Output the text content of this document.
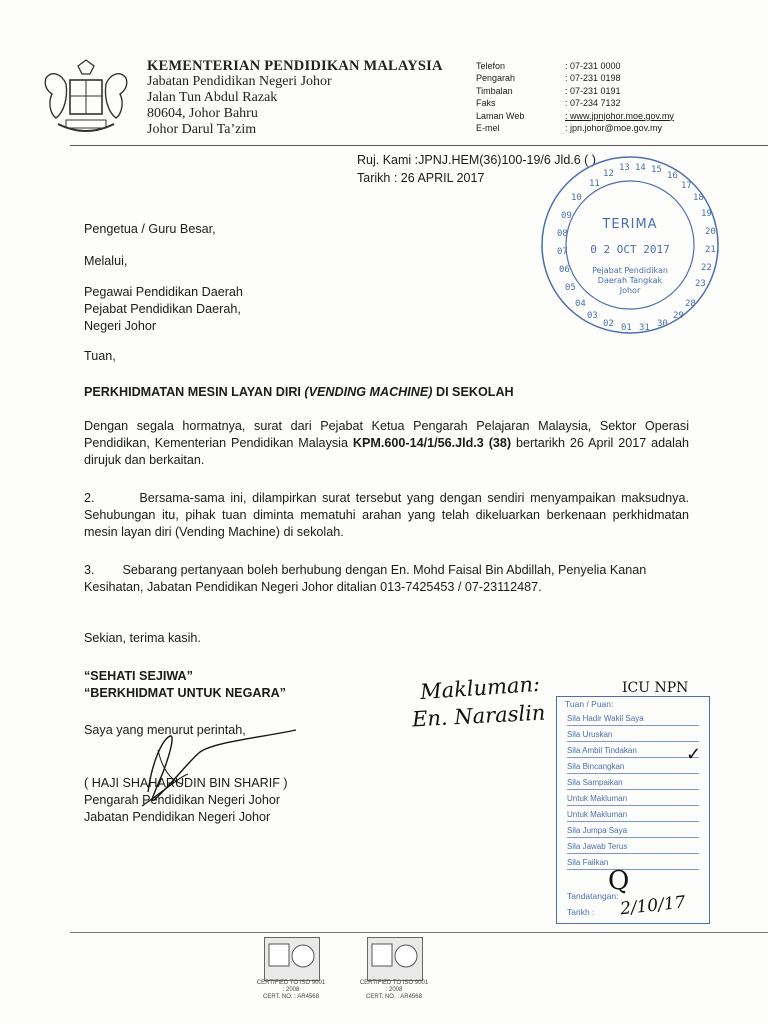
KEMENTERIAN PENDIDIKAN MALAYSIA
Jabatan Pendidikan Negeri Johor
Jalan Tun Abdul Razak
80604, Johor Bahru
Johor Darul Ta’zim
Telefon	: 07-231 0000
Pengarah	: 07-231 0198
Timbalan	: 07-231 0191
Faks	: 07-234 7132
Laman Web	: www.jpnjohor.moe.gov.my
E-mel	: jpn.johor@moe.gov.my
Ruj. Kami :JPNJ.HEM(36)100-19/6 Jld.6 ( )
Tarikh : 26 APRIL 2017	11
12
13 14 15
16
17
18
19
20
21
22
23
10
09
08
07
06
05
04
03
02 01 31 30
29
28
TERIMA
0 2 OCT 2017
Pejabat Pendidikan
Daerah Tangkak
Johor
Pengetua / Guru Besar,
Melalui,
Pegawai Pendidikan Daerah
Pejabat Pendidikan Daerah,
Negeri Johor
Tuan,
PERKHIDMATAN MESIN LAYAN DIRI (VENDING MACHINE) DI SEKOLAH
Dengan segala hormatnya, surat dari Pejabat Ketua Pengarah Pelajaran Malaysia, Sektor Operasi Pendidikan, Kementerian Pendidikan Malaysia KPM.600-14/1/56.Jld.3 (38) bertarikh 26 April 2017 adalah dirujuk dan berkaitan.
2.	Bersama-sama ini, dilampirkan surat tersebut yang dengan sendiri menyampaikan maksudnya. Sehubungan itu, pihak tuan diminta mematuhi arahan yang telah dikeluarkan berkenaan perkhidmatan mesin layan diri (Vending Machine) di sekolah.
3. Sebarang pertanyaan boleh berhubung dengan En. Mohd Faisal Bin Abdillah, Penyelia Kanan Kesihatan, Jabatan Pendidikan Negeri Johor ditalian 013-7425453 / 07-23112487.
Sekian, terima kasih.
“SEHATI SEJIWA”
“BERKHIDMAT UNTUK NEGARA”
Saya yang menurut perintah,
( HAJI SHAHARUDIN BIN SHARIF )
Pengarah Pendidikan Negeri Johor
Jabatan Pendidikan Negeri Johor
Makluman:
En. Naraslin
ICU NPN
Tuan / Puan:
Sila Hadir Wakil Saya
Sila Uruskan
Sila Ambil Tindakan
Sila Bincangkan
Sila Sampaikan
Untuk Makluman
Untuk Makluman
Sila Jumpa Saya
Sila Jawab Terus
Sila Failkan
Tandatangan:
Tarikh :
✓
Q
2/10/17
CERTIFIED TO ISO 9001 : 2008
CERT. NO. : AR4568
CERTIFIED TO ISO 9001 : 2008
CERT. NO. : AR4568
